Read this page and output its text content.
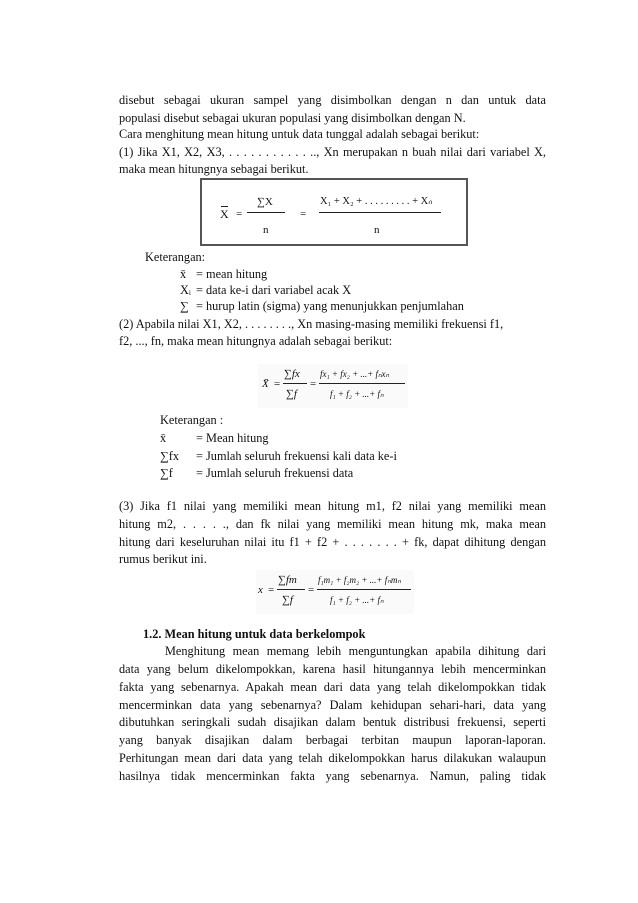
disebut sebagai ukuran sampel yang disimbolkan dengan n dan untuk data
populasi disebut sebagai ukuran populasi yang disimbolkan dengan N.
Cara menghitung mean hitung untuk data tunggal adalah sebagai berikut:
(1) Jika X1, X2, X3, . . . . . . . . . . . .., Xn merupakan n buah nilai dari variabel X,
maka mean hitungnya sebagai berikut.
X =
∑X
n
=
X₁ + X₂ + . . . . . . . . . + Xₙ
n
Keterangan:
x̄ = mean hitung
Xᵢ = data ke-i dari variabel acak X
∑ = hurup latin (sigma) yang menunjukkan penjumlahan
(2) Apabila nilai X1, X2, . . . . . . . ., Xn masing-masing memiliki frekuensi f1,
f2, ..., fn, maka mean hitungnya adalah sebagai berikut:
X̄ =
∑fx
∑f
=
fx₁ + fx₂ + ...+ fₙxₙ
f₁ + f₂ + ...+ fₙ
Keterangan :
x̄ = Mean hitung
∑fx = Jumlah seluruh frekuensi kali data ke-i
∑f = Jumlah seluruh frekuensi data
(3) Jika f1 nilai yang memiliki mean hitung m1, f2 nilai yang memiliki mean
hitung m2, . . . . ., dan fk nilai yang memiliki mean hitung mk, maka mean
hitung dari keseluruhan nilai itu f1 + f2 + . . . . . . . + fk, dapat dihitung dengan
rumus berikut ini.
x =
∑fm
∑f
=
f₁m₁ + f₂m₂ + ...+ fₙmₙ
f₁ + f₂ + ...+ fₙ
1.2. Mean hitung untuk data berkelompok
Menghitung mean memang lebih menguntungkan apabila dihitung dari
data yang belum dikelompokkan, karena hasil hitungannya lebih mencerminkan
fakta yang sebenarnya. Apakah mean dari data yang telah dikelompokkan tidak
mencerminkan data yang sebenarnya? Dalam kehidupan sehari-hari, data yang
dibutuhkan seringkali sudah disajikan dalam bentuk distribusi frekuensi, seperti
yang banyak disajikan dalam berbagai terbitan maupun laporan-laporan.
Perhitungan mean dari data yang telah dikelompokkan harus dilakukan walaupun
hasilnya tidak mencerminkan fakta yang sebenarnya. Namun, paling tidak
